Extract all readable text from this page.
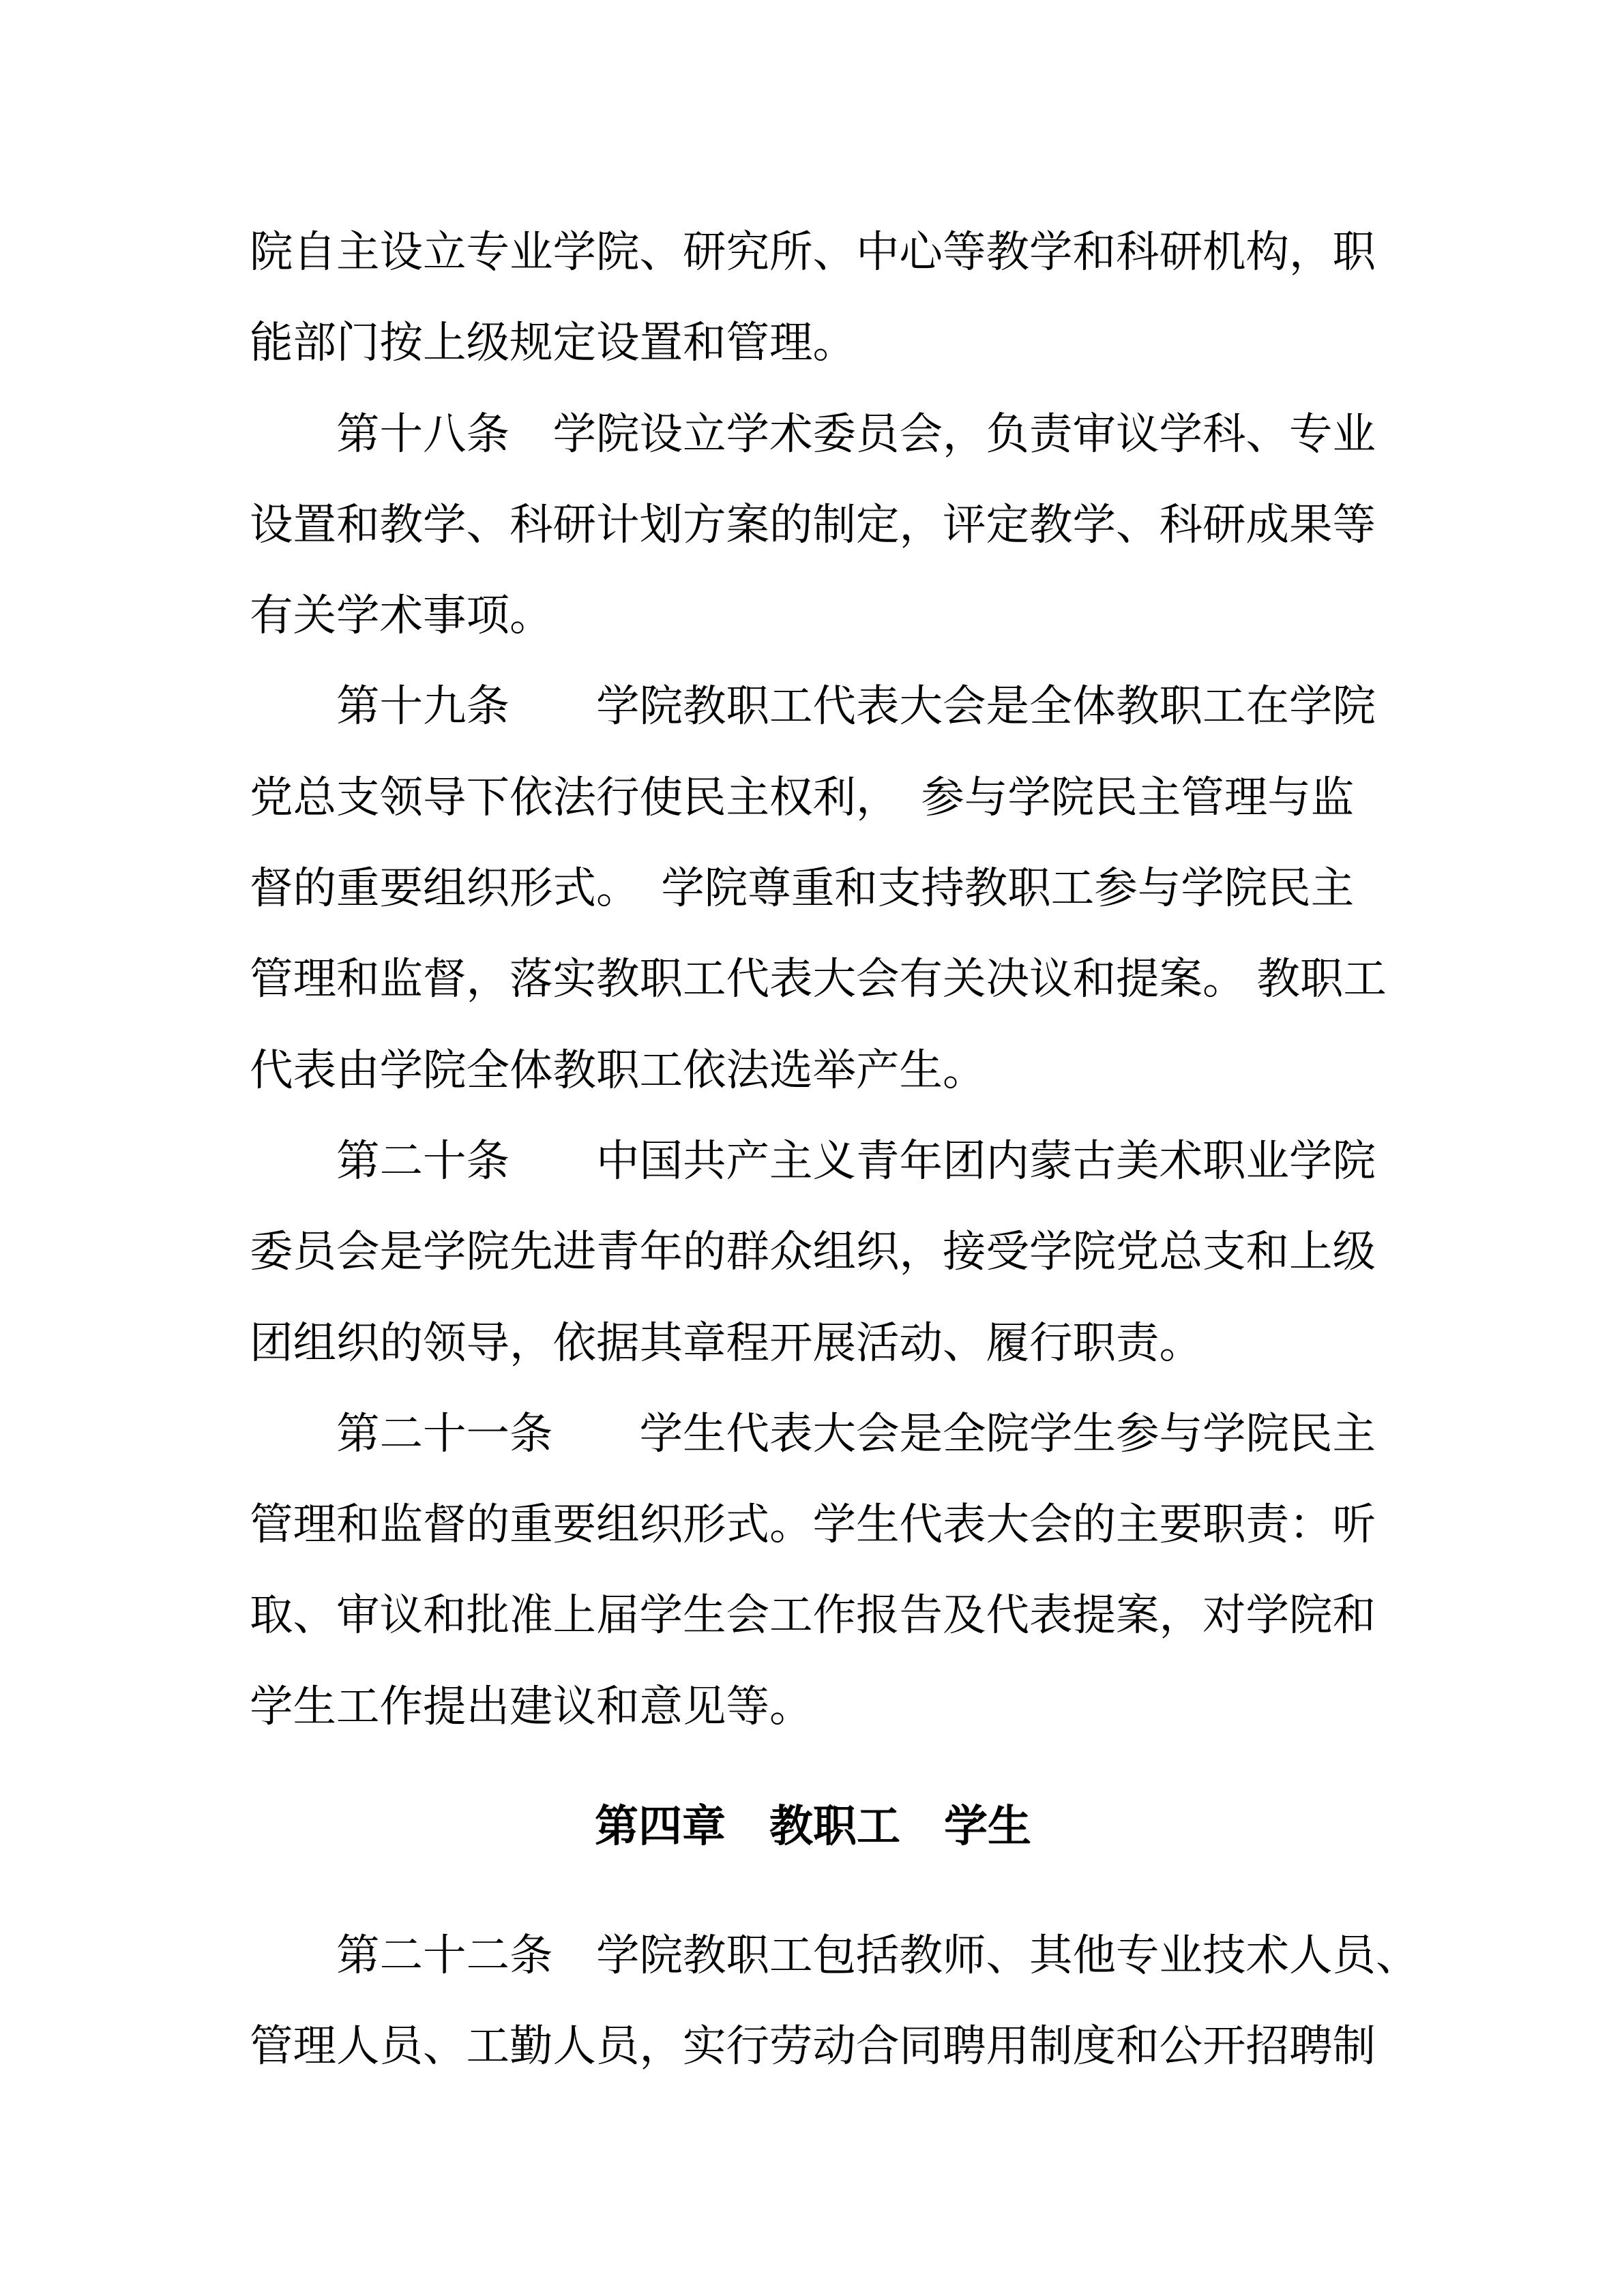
院自主设立专业学院、研究所、中心等教学和科研机构，职
能部门按上级规定设置和管理。
第十八条　学院设立学术委员会，负责审议学科、专业
设置和教学、科研计划方案的制定，评定教学、科研成果等
有关学术事项。
第十九条　　学院教职工代表大会是全体教职工在学院
党总支领导下依法行使民主权利，　参与学院民主管理与监
督的重要组织形式。　学院尊重和支持教职工参与学院民主
管理和监督，落实教职工代表大会有关决议和提案。 教职工
代表由学院全体教职工依法选举产生。
第二十条　　中国共产主义青年团内蒙古美术职业学院
委员会是学院先进青年的群众组织，接受学院党总支和上级
团组织的领导，依据其章程开展活动、履行职责。
第二十一条　　学生代表大会是全院学生参与学院民主
管理和监督的重要组织形式。学生代表大会的主要职责：听
取、审议和批准上届学生会工作报告及代表提案，对学院和
学生工作提出建议和意见等。
第四章　教职工　学生
第二十二条　学院教职工包括教师、其他专业技术人员、
管理人员、工勤人员，实行劳动合同聘用制度和公开招聘制
